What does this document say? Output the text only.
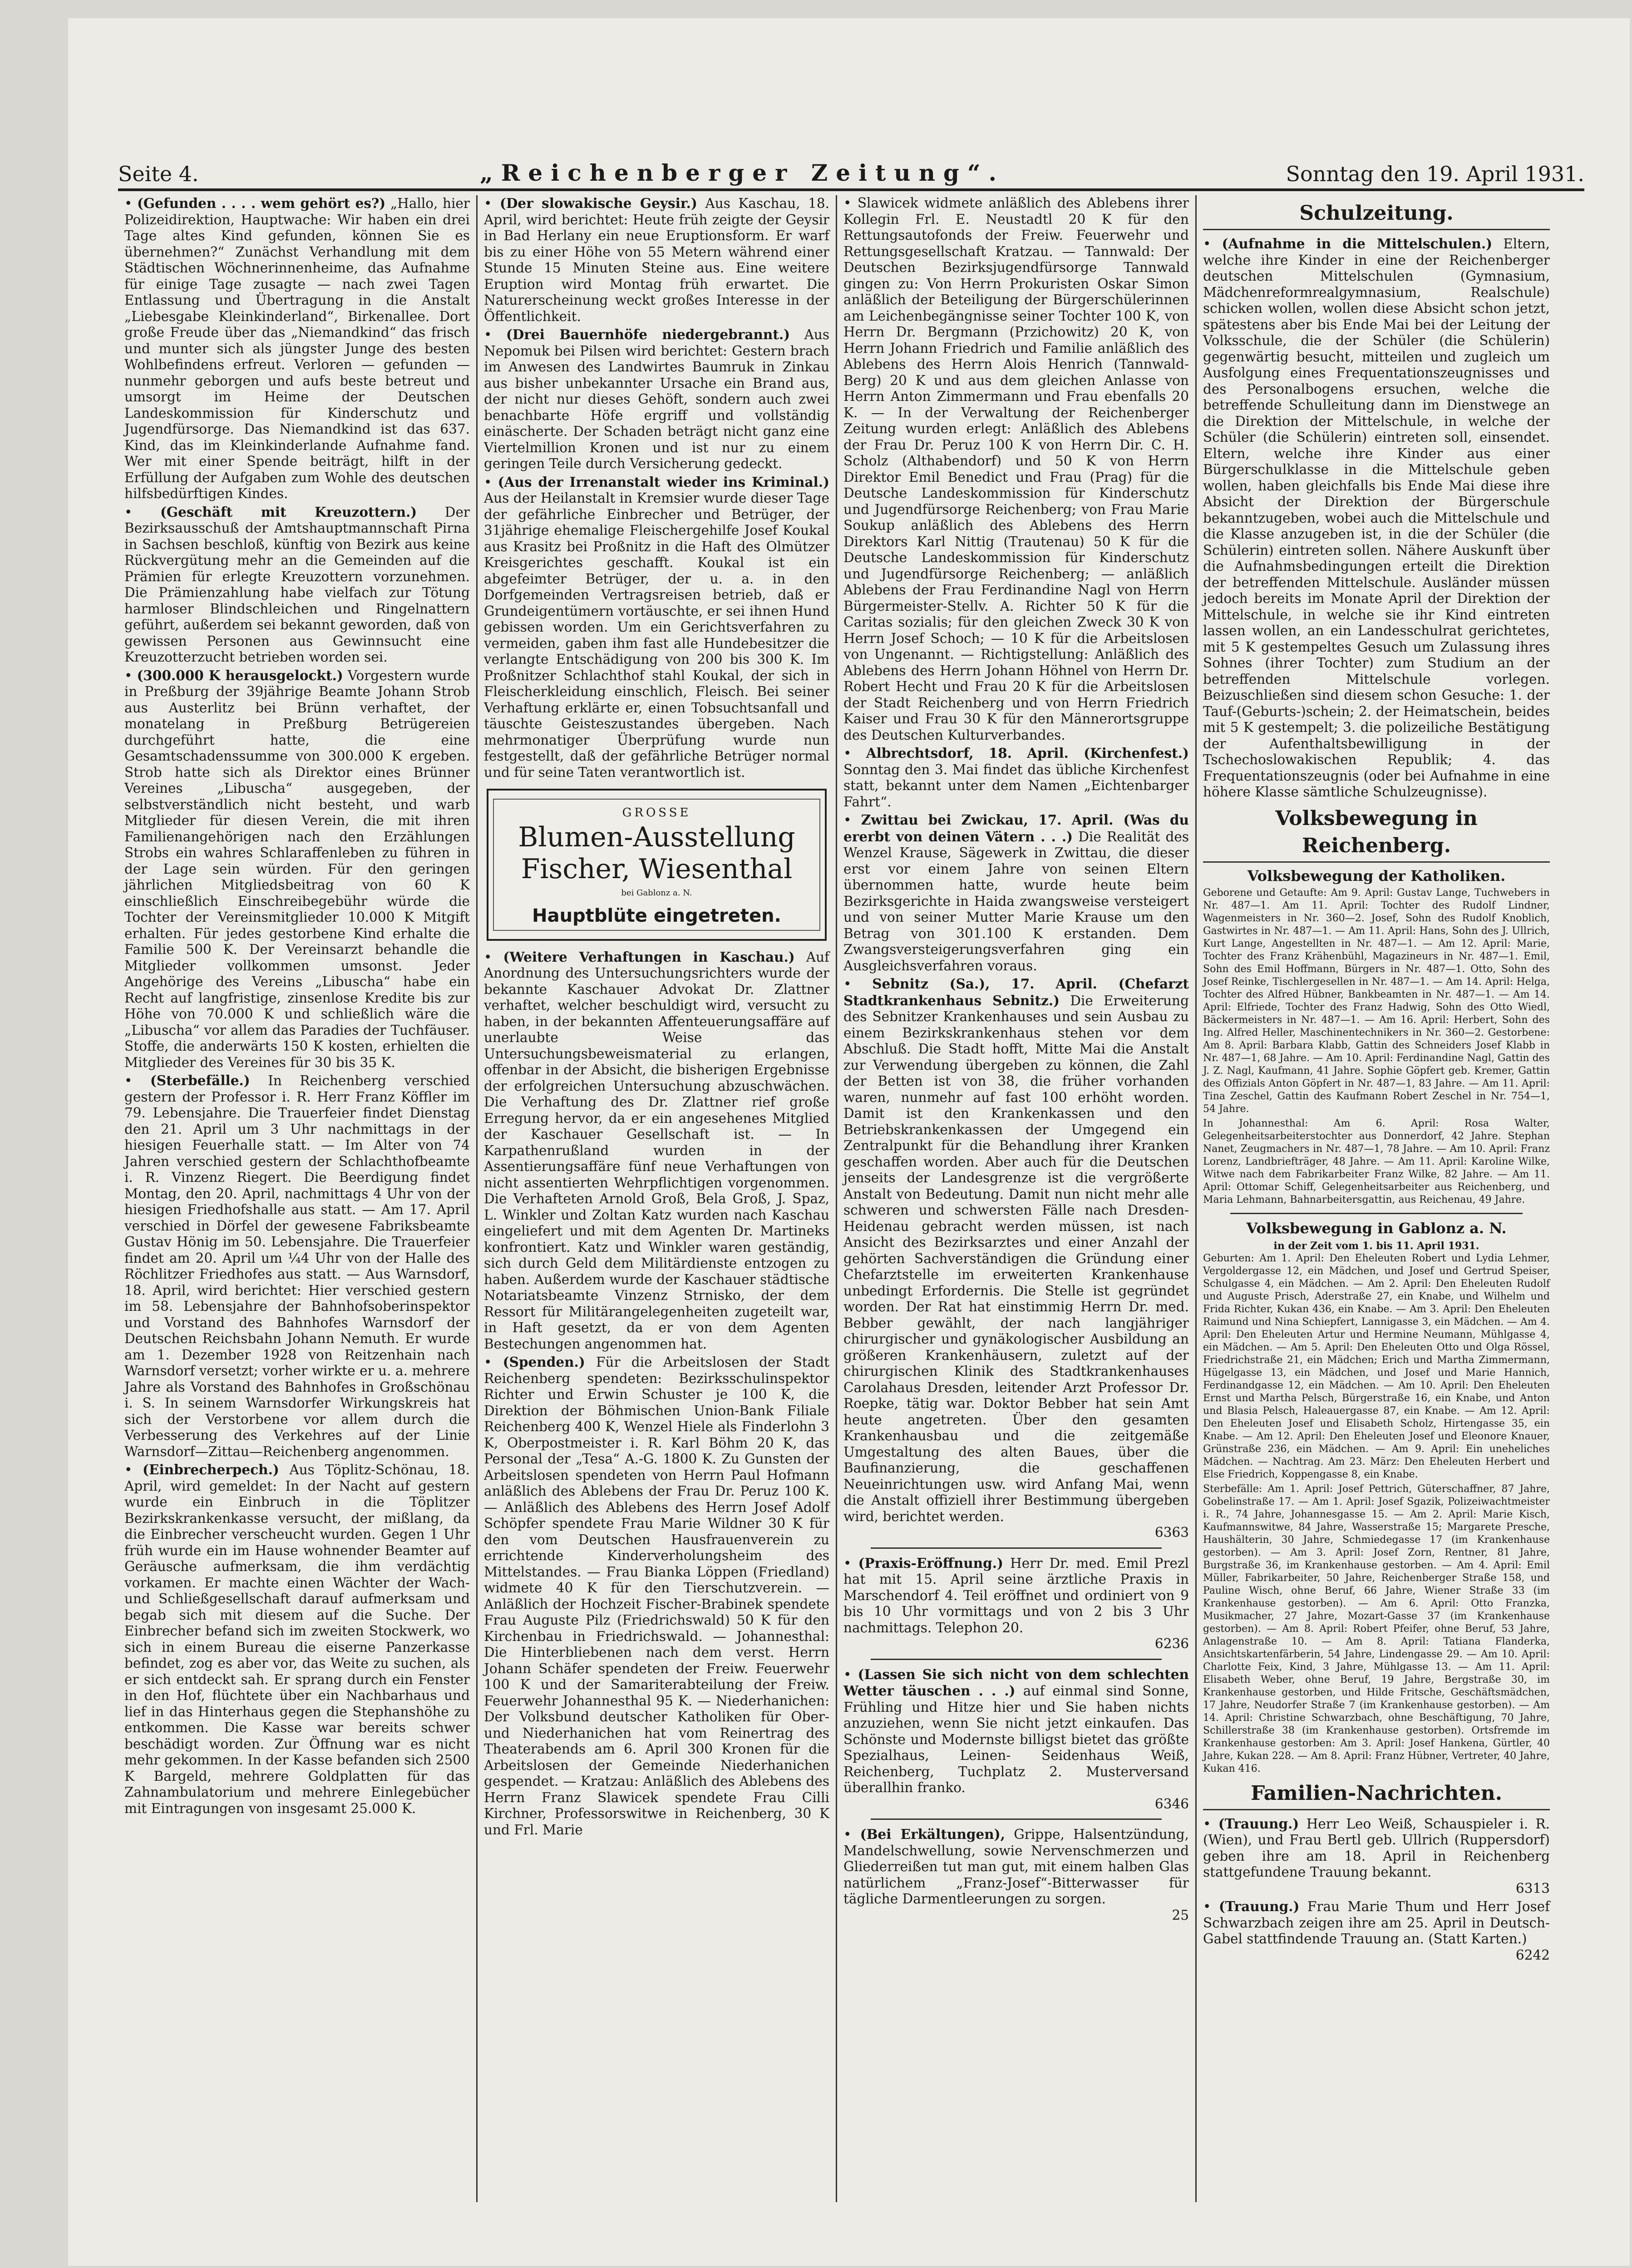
Seite 4.	„Reichenberger Zeitung“.	Sonntag den 19. April 1931.

• (Gefunden . . . . wem gehört es?) „Hallo, hier Polizeidirektion, Hauptwache: Wir haben ein drei Tage altes Kind gefunden, können Sie es übernehmen?“ Zunächst Verhandlung mit dem Städtischen Wöchnerinnenheime, das Aufnahme für einige Tage zusagte — nach zwei Tagen Entlassung und Übertragung in die Anstalt „Liebesgabe Kleinkinderland“, Birkenallee. Dort große Freude über das „Niemandkind“ das frisch und munter sich als jüngster Junge des besten Wohlbefindens erfreut. Verloren — gefunden — nunmehr geborgen und aufs beste betreut und umsorgt im Heime der Deutschen Landeskommission für Kinderschutz und Jugendfürsorge. Das Niemandkind ist das 637. Kind, das im Kleinkinderlande Aufnahme fand. Wer mit einer Spende beiträgt, hilft in der Erfüllung der Aufgaben zum Wohle des deutschen hilfsbedürftigen Kindes.

• (Geschäft mit Kreuzottern.) Der Bezirksausschuß der Amtshauptmannschaft Pirna in Sachsen beschloß, künftig von Bezirk aus keine Rückvergütung mehr an die Gemeinden auf die Prämien für erlegte Kreuzottern vorzunehmen. Die Prämienzahlung habe vielfach zur Tötung harmloser Blindschleichen und Ringelnattern geführt, außerdem sei bekannt geworden, daß von gewissen Personen aus Gewinnsucht eine Kreuzotterzucht betrieben worden sei.

• (300.000 K herausgelockt.) Vorgestern wurde in Preßburg der 39jährige Beamte Johann Strob aus Austerlitz bei Brünn verhaftet, der monatelang in Preßburg Betrügereien durchgeführt hatte, die eine Gesamtschadenssumme von 300.000 K ergeben. Strob hatte sich als Direktor eines Brünner Vereines „Libuscha“ ausgegeben, der selbstverständlich nicht besteht, und warb Mitglieder für diesen Verein, die mit ihren Familienangehörigen nach den Erzählungen Strobs ein wahres Schlaraffenleben zu führen in der Lage sein würden. Für den geringen jährlichen Mitgliedsbeitrag von 60 K einschließlich Einschreibegebühr würde die Tochter der Vereinsmitglieder 10.000 K Mitgift erhalten. Für jedes gestorbene Kind erhalte die Familie 500 K. Der Vereinsarzt behandle die Mitglieder vollkommen umsonst. Jeder Angehörige des Vereins „Libuscha“ habe ein Recht auf langfristige, zinsenlose Kredite bis zur Höhe von 70.000 K und schließlich wäre die „Libuscha“ vor allem das Paradies der Tuchfäuser. Stoffe, die anderwärts 150 K kosten, erhielten die Mitglieder des Vereines für 30 bis 35 K.

• (Sterbefälle.) In Reichenberg verschied gestern der Professor i. R. Herr Franz Köffler im 79. Lebensjahre. Die Trauerfeier findet Dienstag den 21. April um 3 Uhr nachmittags in der hiesigen Feuerhalle statt. — Im Alter von 74 Jahren verschied gestern der Schlachthofbeamte i. R. Vinzenz Riegert. Die Beerdigung findet Montag, den 20. April, nachmittags 4 Uhr von der hiesigen Friedhofshalle aus statt. — Am 17. April verschied in Dörfel der gewesene Fabriksbeamte Gustav Hönig im 50. Lebensjahre. Die Trauerfeier findet am 20. April um ¼4 Uhr von der Halle des Röchlitzer Friedhofes aus statt. — Aus Warnsdorf, 18. April, wird berichtet: Hier verschied gestern im 58. Lebensjahre der Bahnhofsoberinspektor und Vorstand des Bahnhofes Warnsdorf der Deutschen Reichsbahn Johann Nemuth. Er wurde am 1. Dezember 1928 von Reitzenhain nach Warnsdorf versetzt; vorher wirkte er u. a. mehrere Jahre als Vorstand des Bahnhofes in Großschönau i. S. In seinem Warnsdorfer Wirkungskreis hat sich der Verstorbene vor allem durch die Verbesserung des Verkehres auf der Linie Warnsdorf—Zittau—Reichenberg angenommen.

• (Einbrecherpech.) Aus Töplitz-Schönau, 18. April, wird gemeldet: In der Nacht auf gestern wurde ein Einbruch in die Töplitzer Bezirkskrankenkasse versucht, der mißlang, da die Einbrecher verscheucht wurden. Gegen 1 Uhr früh wurde ein im Hause wohnender Beamter auf Geräusche aufmerksam, die ihm verdächtig vorkamen. Er machte einen Wächter der Wach- und Schließgesellschaft darauf aufmerksam und begab sich mit diesem auf die Suche. Der Einbrecher befand sich im zweiten Stockwerk, wo sich in einem Bureau die eiserne Panzerkasse befindet, zog es aber vor, das Weite zu suchen, als er sich entdeckt sah. Er sprang durch ein Fenster in den Hof, flüchtete über ein Nachbarhaus und lief in das Hinterhaus gegen die Stephanshöhe zu entkommen. Die Kasse war bereits schwer beschädigt worden. Zur Öffnung war es nicht mehr gekommen. In der Kasse befanden sich 2500 K Bargeld, mehrere Goldplatten für das Zahnambulatorium und mehrere Einlegebücher mit Eintragungen von insgesamt 25.000 K.

• (Der slowakische Geysir.) Aus Kaschau, 18. April, wird berichtet: Heute früh zeigte der Geysir in Bad Herlany ein neue Eruptionsform. Er warf bis zu einer Höhe von 55 Metern während einer Stunde 15 Minuten Steine aus. Eine weitere Eruption wird Montag früh erwartet. Die Naturerscheinung weckt großes Interesse in der Öffentlichkeit.

• (Drei Bauernhöfe niedergebrannt.) Aus Nepomuk bei Pilsen wird berichtet: Gestern brach im Anwesen des Landwirtes Baumruk in Zinkau aus bisher unbekannter Ursache ein Brand aus, der nicht nur dieses Gehöft, sondern auch zwei benachbarte Höfe ergriff und vollständig einäscherte. Der Schaden beträgt nicht ganz eine Viertelmillion Kronen und ist nur zu einem geringen Teile durch Versicherung gedeckt.

• (Aus der Irrenanstalt wieder ins Kriminal.) Aus der Heilanstalt in Kremsier wurde dieser Tage der gefährliche Einbrecher und Betrüger, der 31jährige ehemalige Fleischergehilfe Josef Koukal aus Krasitz bei Proßnitz in die Haft des Olmützer Kreisgerichtes geschafft. Koukal ist ein abgefeimter Betrüger, der u. a. in den Dorfgemeinden Vertragsreisen betrieb, daß er Grundeigentümern vortäuschte, er sei ihnen Hund gebissen worden. Um ein Gerichtsverfahren zu vermeiden, gaben ihm fast alle Hundebesitzer die verlangte Entschädigung von 200 bis 300 K. Im Proßnitzer Schlachthof stahl Koukal, der sich in Fleischerkleidung einschlich, Fleisch. Bei seiner Verhaftung erklärte er, einen Tobsuchtsanfall und täuschte Geisteszustandes übergeben. Nach mehrmonatiger Überprüfung wurde nun festgestellt, daß der gefährliche Betrüger normal und für seine Taten verantwortlich ist.

GROSSE
Blumen-Ausstellung
Fischer, Wiesenthal
bei Gablonz a. N.
Hauptblüte eingetreten.

• (Weitere Verhaftungen in Kaschau.) Auf Anordnung des Untersuchungsrichters wurde der bekannte Kaschauer Advokat Dr. Zlattner verhaftet, welcher beschuldigt wird, versucht zu haben, in der bekannten Affenteuerungsaffäre auf unerlaubte Weise das Untersuchungsbeweismaterial zu erlangen, offenbar in der Absicht, die bisherigen Ergebnisse der erfolgreichen Untersuchung abzuschwächen. Die Verhaftung des Dr. Zlattner rief große Erregung hervor, da er ein angesehenes Mitglied der Kaschauer Gesellschaft ist. — In Karpathenrußland wurden in der Assentierungsaffäre fünf neue Verhaftungen von nicht assentierten Wehrpflichtigen vorgenommen. Die Verhafteten Arnold Groß, Bela Groß, J. Spaz, L. Winkler und Zoltan Katz wurden nach Kaschau eingeliefert und mit dem Agenten Dr. Martineks konfrontiert. Katz und Winkler waren geständig, sich durch Geld dem Militärdienste entzogen zu haben. Außerdem wurde der Kaschauer städtische Notariatsbeamte Vinzenz Strnisko, der dem Ressort für Militärangelegenheiten zugeteilt war, in Haft gesetzt, da er von dem Agenten Bestechungen angenommen hat.

• (Spenden.) Für die Arbeitslosen der Stadt Reichenberg spendeten: Bezirksschulinspektor Richter und Erwin Schuster je 100 K, die Direktion der Böhmischen Union-Bank Filiale Reichenberg 400 K, Wenzel Hiele als Finderlohn 3 K, Oberpostmeister i. R. Karl Böhm 20 K, das Personal der „Tesa“ A.-G. 1800 K. Zu Gunsten der Arbeitslosen spendeten von Herrn Paul Hofmann anläßlich des Ablebens der Frau Dr. Peruz 100 K. — Anläßlich des Ablebens des Herrn Josef Adolf Schöpfer spendete Frau Marie Wildner 30 K für den vom Deutschen Hausfrauenverein zu errichtende Kinderverholungsheim des Mittelstandes. — Frau Bianka Löppen (Friedland) widmete 40 K für den Tierschutzverein. — Anläßlich der Hochzeit Fischer-Brabinek spendete Frau Auguste Pilz (Friedrichswald) 50 K für den Kirchenbau in Friedrichswald. — Johannesthal: Die Hinterbliebenen nach dem verst. Herrn Johann Schäfer spendeten der Freiw. Feuerwehr 100 K und der Samariterabteilung der Freiw. Feuerwehr Johannesthal 95 K. — Niederhanichen: Der Volksbund deutscher Katholiken für Ober- und Niederhanichen hat vom Reinertrag des Theaterabends am 6. April 300 Kronen für die Arbeitslosen der Gemeinde Niederhanichen gespendet. — Kratzau: Anläßlich des Ablebens des Herrn Franz Slawicek spendete Frau Cilli Kirchner, Professorswitwe in Reichenberg, 30 K und Frl. Marie

• Slawicek widmete anläßlich des Ablebens ihrer Kollegin Frl. E. Neustadtl 20 K für den Rettungsautofonds der Freiw. Feuerwehr und Rettungsgesellschaft Kratzau. — Tannwald: Der Deutschen Bezirksjugendfürsorge Tannwald gingen zu: Von Herrn Prokuristen Oskar Simon anläßlich der Beteiligung der Bürgerschülerinnen am Leichenbegängnisse seiner Tochter 100 K, von Herrn Dr. Bergmann (Przichowitz) 20 K, von Herrn Johann Friedrich und Familie anläßlich des Ablebens des Herrn Alois Henrich (Tannwald-Berg) 20 K und aus dem gleichen Anlasse von Herrn Anton Zimmermann und Frau ebenfalls 20 K. — In der Verwaltung der Reichenberger Zeitung wurden erlegt: Anläßlich des Ablebens der Frau Dr. Peruz 100 K von Herrn Dir. C. H. Scholz (Althabendorf) und 50 K von Herrn Direktor Emil Benedict und Frau (Prag) für die Deutsche Landeskommission für Kinderschutz und Jugendfürsorge Reichenberg; von Frau Marie Soukup anläßlich des Ablebens des Herrn Direktors Karl Nittig (Trautenau) 50 K für die Deutsche Landeskommission für Kinderschutz und Jugendfürsorge Reichenberg; — anläßlich Ablebens der Frau Ferdinandine Nagl von Herrn Bürgermeister-Stellv. A. Richter 50 K für die Caritas sozialis; für den gleichen Zweck 30 K von Herrn Josef Schoch; — 10 K für die Arbeitslosen von Ungenannt. — Richtigstellung: Anläßlich des Ablebens des Herrn Johann Höhnel von Herrn Dr. Robert Hecht und Frau 20 K für die Arbeitslosen der Stadt Reichenberg und von Herrn Friedrich Kaiser und Frau 30 K für den Männerortsgruppe des Deutschen Kulturverbandes.

• Albrechtsdorf, 18. April. (Kirchenfest.) Sonntag den 3. Mai findet das übliche Kirchenfest statt, bekannt unter dem Namen „Eichtenbarger Fahrt“.

• Zwittau bei Zwickau, 17. April. (Was du ererbt von deinen Vätern . . .) Die Realität des Wenzel Krause, Sägewerk in Zwittau, die dieser erst vor einem Jahre von seinen Eltern übernommen hatte, wurde heute beim Bezirksgerichte in Haida zwangsweise versteigert und von seiner Mutter Marie Krause um den Betrag von 301.100 K erstanden. Dem Zwangsversteigerungsverfahren ging ein Ausgleichsverfahren voraus.

• Sebnitz (Sa.), 17. April. (Chefarzt Stadtkrankenhaus Sebnitz.) Die Erweiterung des Sebnitzer Krankenhauses und sein Ausbau zu einem Bezirkskrankenhaus stehen vor dem Abschluß. Die Stadt hofft, Mitte Mai die Anstalt zur Verwendung übergeben zu können, die Zahl der Betten ist von 38, die früher vorhanden waren, nunmehr auf fast 100 erhöht worden. Damit ist den Krankenkassen und den Betriebskrankenkassen der Umgegend ein Zentralpunkt für die Behandlung ihrer Kranken geschaffen worden. Aber auch für die Deutschen jenseits der Landesgrenze ist die vergrößerte Anstalt von Bedeutung. Damit nun nicht mehr alle schweren und schwersten Fälle nach Dresden-Heidenau gebracht werden müssen, ist nach Ansicht des Bezirksarztes und einer Anzahl der gehörten Sachverständigen die Gründung einer Chefarztstelle im erweiterten Krankenhause unbedingt Erfordernis. Die Stelle ist gegründet worden. Der Rat hat einstimmig Herrn Dr. med. Bebber gewählt, der nach langjähriger chirurgischer und gynäkologischer Ausbildung an größeren Krankenhäusern, zuletzt auf der chirurgischen Klinik des Stadtkrankenhauses Carolahaus Dresden, leitender Arzt Professor Dr. Roepke, tätig war. Doktor Bebber hat sein Amt heute angetreten. Über den gesamten Krankenhausbau und die zeitgemäße Umgestaltung des alten Baues, über die Baufinanzierung, die geschaffenen Neueinrichtungen usw. wird Anfang Mai, wenn die Anstalt offiziell ihrer Bestimmung übergeben wird, berichtet werden.
6363

• (Praxis-Eröffnung.) Herr Dr. med. Emil Prezl hat mit 15. April seine ärztliche Praxis in Marschendorf 4. Teil eröffnet und ordiniert von 9 bis 10 Uhr vormittags und von 2 bis 3 Uhr nachmittags. Telephon 20.
6236

• (Lassen Sie sich nicht von dem schlechten Wetter täuschen . . .) auf einmal sind Sonne, Frühling und Hitze hier und Sie haben nichts anzuziehen, wenn Sie nicht jetzt einkaufen. Das Schönste und Modernste billigst bietet das größte Spezialhaus, Leinen- Seidenhaus Weiß, Reichenberg, Tuchplatz 2. Musterversand überallhin franko.
6346

• (Bei Erkältungen), Grippe, Halsentzündung, Mandelschwellung, sowie Nervenschmerzen und Gliederreißen tut man gut, mit einem halben Glas natürlichem „Franz-Josef“-Bitterwasser für tägliche Darmentleerungen zu sorgen.
25

Schulzeitung.

• (Aufnahme in die Mittelschulen.) Eltern, welche ihre Kinder in eine der Reichenberger deutschen Mittelschulen (Gymnasium, Mädchenreformrealgymnasium, Realschule) schicken wollen, wollen diese Absicht schon jetzt, spätestens aber bis Ende Mai bei der Leitung der Volksschule, die der Schüler (die Schülerin) gegenwärtig besucht, mitteilen und zugleich um Ausfolgung eines Frequentationszeugnisses und des Personalbogens ersuchen, welche die betreffende Schulleitung dann im Dienstwege an die Direktion der Mittelschule, in welche der Schüler (die Schülerin) eintreten soll, einsendet. Eltern, welche ihre Kinder aus einer Bürgerschulklasse in die Mittelschule geben wollen, haben gleichfalls bis Ende Mai diese ihre Absicht der Direktion der Bürgerschule bekanntzugeben, wobei auch die Mittelschule und die Klasse anzugeben ist, in die der Schüler (die Schülerin) eintreten sollen. Nähere Auskunft über die Aufnahmsbedingungen erteilt die Direktion der betreffenden Mittelschule. Ausländer müssen jedoch bereits im Monate April der Direktion der Mittelschule, in welche sie ihr Kind eintreten lassen wollen, an ein Landesschulrat gerichtetes, mit 5 K gestempeltes Gesuch um Zulassung ihres Sohnes (ihrer Tochter) zum Studium an der betreffenden Mittelschule vorlegen. Beizuschließen sind diesem schon Gesuche: 1. der Tauf-(Geburts-)schein; 2. der Heimatschein, beides mit 5 K gestempelt; 3. die polizeiliche Bestätigung der Aufenthaltsbewilligung in der Tschechoslowakischen Republik; 4. das Frequentationszeugnis (oder bei Aufnahme in eine höhere Klasse sämtliche Schulzeugnisse).

Volksbewegung in Reichenberg.
Volksbewegung der Katholiken.

Geborene und Getaufte: Am 9. April: Gustav Lange, Tuchwebers in Nr. 487—1. Am 11. April: Tochter des Rudolf Lindner, Wagenmeisters in Nr. 360—2. Josef, Sohn des Rudolf Knoblich, Gastwirtes in Nr. 487—1. — Am 11. April: Hans, Sohn des J. Ullrich, Kurt Lange, Angestellten in Nr. 487—1. — Am 12. April: Marie, Tochter des Franz Krähenbühl, Magazineurs in Nr. 487—1. Emil, Sohn des Emil Hoffmann, Bürgers in Nr. 487—1. Otto, Sohn des Josef Reinke, Tischlergesellen in Nr. 487—1. — Am 14. April: Helga, Tochter des Alfred Hübner, Bankbeamten in Nr. 487—1. — Am 14. April: Elfriede, Tochter des Franz Hadwig, Sohn des Otto Wiedl, Bäckermeisters in Nr. 487—1. — Am 16. April: Herbert, Sohn des Ing. Alfred Heller, Maschinentechnikers in Nr. 360—2. Gestorbene: Am 8. April: Barbara Klabb, Gattin des Schneiders Josef Klabb in Nr. 487—1, 68 Jahre. — Am 10. April: Ferdinandine Nagl, Gattin des J. Z. Nagl, Kaufmann, 41 Jahre. Sophie Göpfert geb. Kremer, Gattin des Offizials Anton Göpfert in Nr. 487—1, 83 Jahre. — Am 11. April: Tina Zeschel, Gattin des Kaufmann Robert Zeschel in Nr. 754—1, 54 Jahre.

In Johannesthal: Am 6. April: Rosa Walter, Gelegenheitsarbeiterstochter aus Donnerdorf, 42 Jahre. Stephan Nanet, Zeugmachers in Nr. 487—1, 78 Jahre. — Am 10. April: Franz Lorenz, Landbriefträger, 48 Jahre. — Am 11. April: Karoline Wilke, Witwe nach dem Fabrikarbeiter Franz Wilke, 82 Jahre. — Am 11. April: Ottomar Schiff, Gelegenheitsarbeiter aus Reichenberg, und Maria Lehmann, Bahnarbeitersgattin, aus Reichenau, 49 Jahre.

Volksbewegung in Gablonz a. N.
in der Zeit vom 1. bis 11. April 1931.

Geburten: Am 1. April: Den Eheleuten Robert und Lydia Lehmer, Vergoldergasse 12, ein Mädchen, und Josef und Gertrud Speiser, Schulgasse 4, ein Mädchen. — Am 2. April: Den Eheleuten Rudolf und Auguste Prisch, Aderstraße 27, ein Knabe, und Wilhelm und Frida Richter, Kukan 436, ein Knabe. — Am 3. April: Den Eheleuten Raimund und Nina Schiepfert, Lannigasse 3, ein Mädchen. — Am 4. April: Den Eheleuten Artur und Hermine Neumann, Mühlgasse 4, ein Mädchen. — Am 5. April: Den Eheleuten Otto und Olga Rössel, Friedrichstraße 21, ein Mädchen; Erich und Martha Zimmermann, Hügelgasse 13, ein Mädchen, und Josef und Marie Hannich, Ferdinandgasse 12, ein Mädchen. — Am 10. April: Den Eheleuten Ernst und Martha Pelsch, Bürgerstraße 16, ein Knabe, und Anton und Blasia Pelsch, Haleauergasse 87, ein Knabe. — Am 12. April: Den Eheleuten Josef und Elisabeth Scholz, Hirtengasse 35, ein Knabe. — Am 12. April: Den Eheleuten Josef und Eleonore Knauer, Grünstraße 236, ein Mädchen. — Am 9. April: Ein uneheliches Mädchen. — Nachtrag. Am 23. März: Den Eheleuten Herbert und Else Friedrich, Koppengasse 8, ein Knabe.

Sterbefälle: Am 1. April: Josef Pettrich, Güterschaffner, 87 Jahre, Gobelinstraße 17. — Am 1. April: Josef Sgazik, Polizeiwachtmeister i. R., 74 Jahre, Johannesgasse 15. — Am 2. April: Marie Kisch, Kaufmannswitwe, 84 Jahre, Wasserstraße 15; Margarete Presche, Haushälterin, 30 Jahre, Schmiedegasse 17 (im Krankenhause gestorben). — Am 3. April: Josef Zorn, Rentner, 81 Jahre, Burgstraße 36, im Krankenhause gestorben. — Am 4. April: Emil Müller, Fabrikarbeiter, 50 Jahre, Reichenberger Straße 158, und Pauline Wisch, ohne Beruf, 66 Jahre, Wiener Straße 33 (im Krankenhause gestorben). — Am 6. April: Otto Franzka, Musikmacher, 27 Jahre, Mozart-Gasse 37 (im Krankenhause gestorben). — Am 8. April: Robert Pfeifer, ohne Beruf, 53 Jahre, Anlagenstraße 10. — Am 8. April: Tatiana Flanderka, Ansichtskartenfärberin, 54 Jahre, Lindengasse 29. — Am 10. April: Charlotte Feix, Kind, 3 Jahre, Mühlgasse 13. — Am 11. April: Elisabeth Weber, ohne Beruf, 19 Jahre, Bergstraße 30, im Krankenhause gestorben, und Hilde Fritsche, Geschäftsmädchen, 17 Jahre, Neudorfer Straße 7 (im Krankenhause gestorben). — Am 14. April: Christine Schwarzbach, ohne Beschäftigung, 70 Jahre, Schillerstraße 38 (im Krankenhause gestorben). Ortsfremde im Krankenhause gestorben: Am 3. April: Josef Hankena, Gürtler, 40 Jahre, Kukan 228. — Am 8. April: Franz Hübner, Vertreter, 40 Jahre, Kukan 416.

Familien-Nachrichten.

• (Trauung.) Herr Leo Weiß, Schauspieler i. R. (Wien), und Frau Bertl geb. Ullrich (Ruppersdorf) geben ihre am 18. April in Reichenberg stattgefundene Trauung bekannt.
6313

• (Trauung.) Frau Marie Thum und Herr Josef Schwarzbach zeigen ihre am 25. April in Deutsch-Gabel stattfindende Trauung an. (Statt Karten.)
6242
